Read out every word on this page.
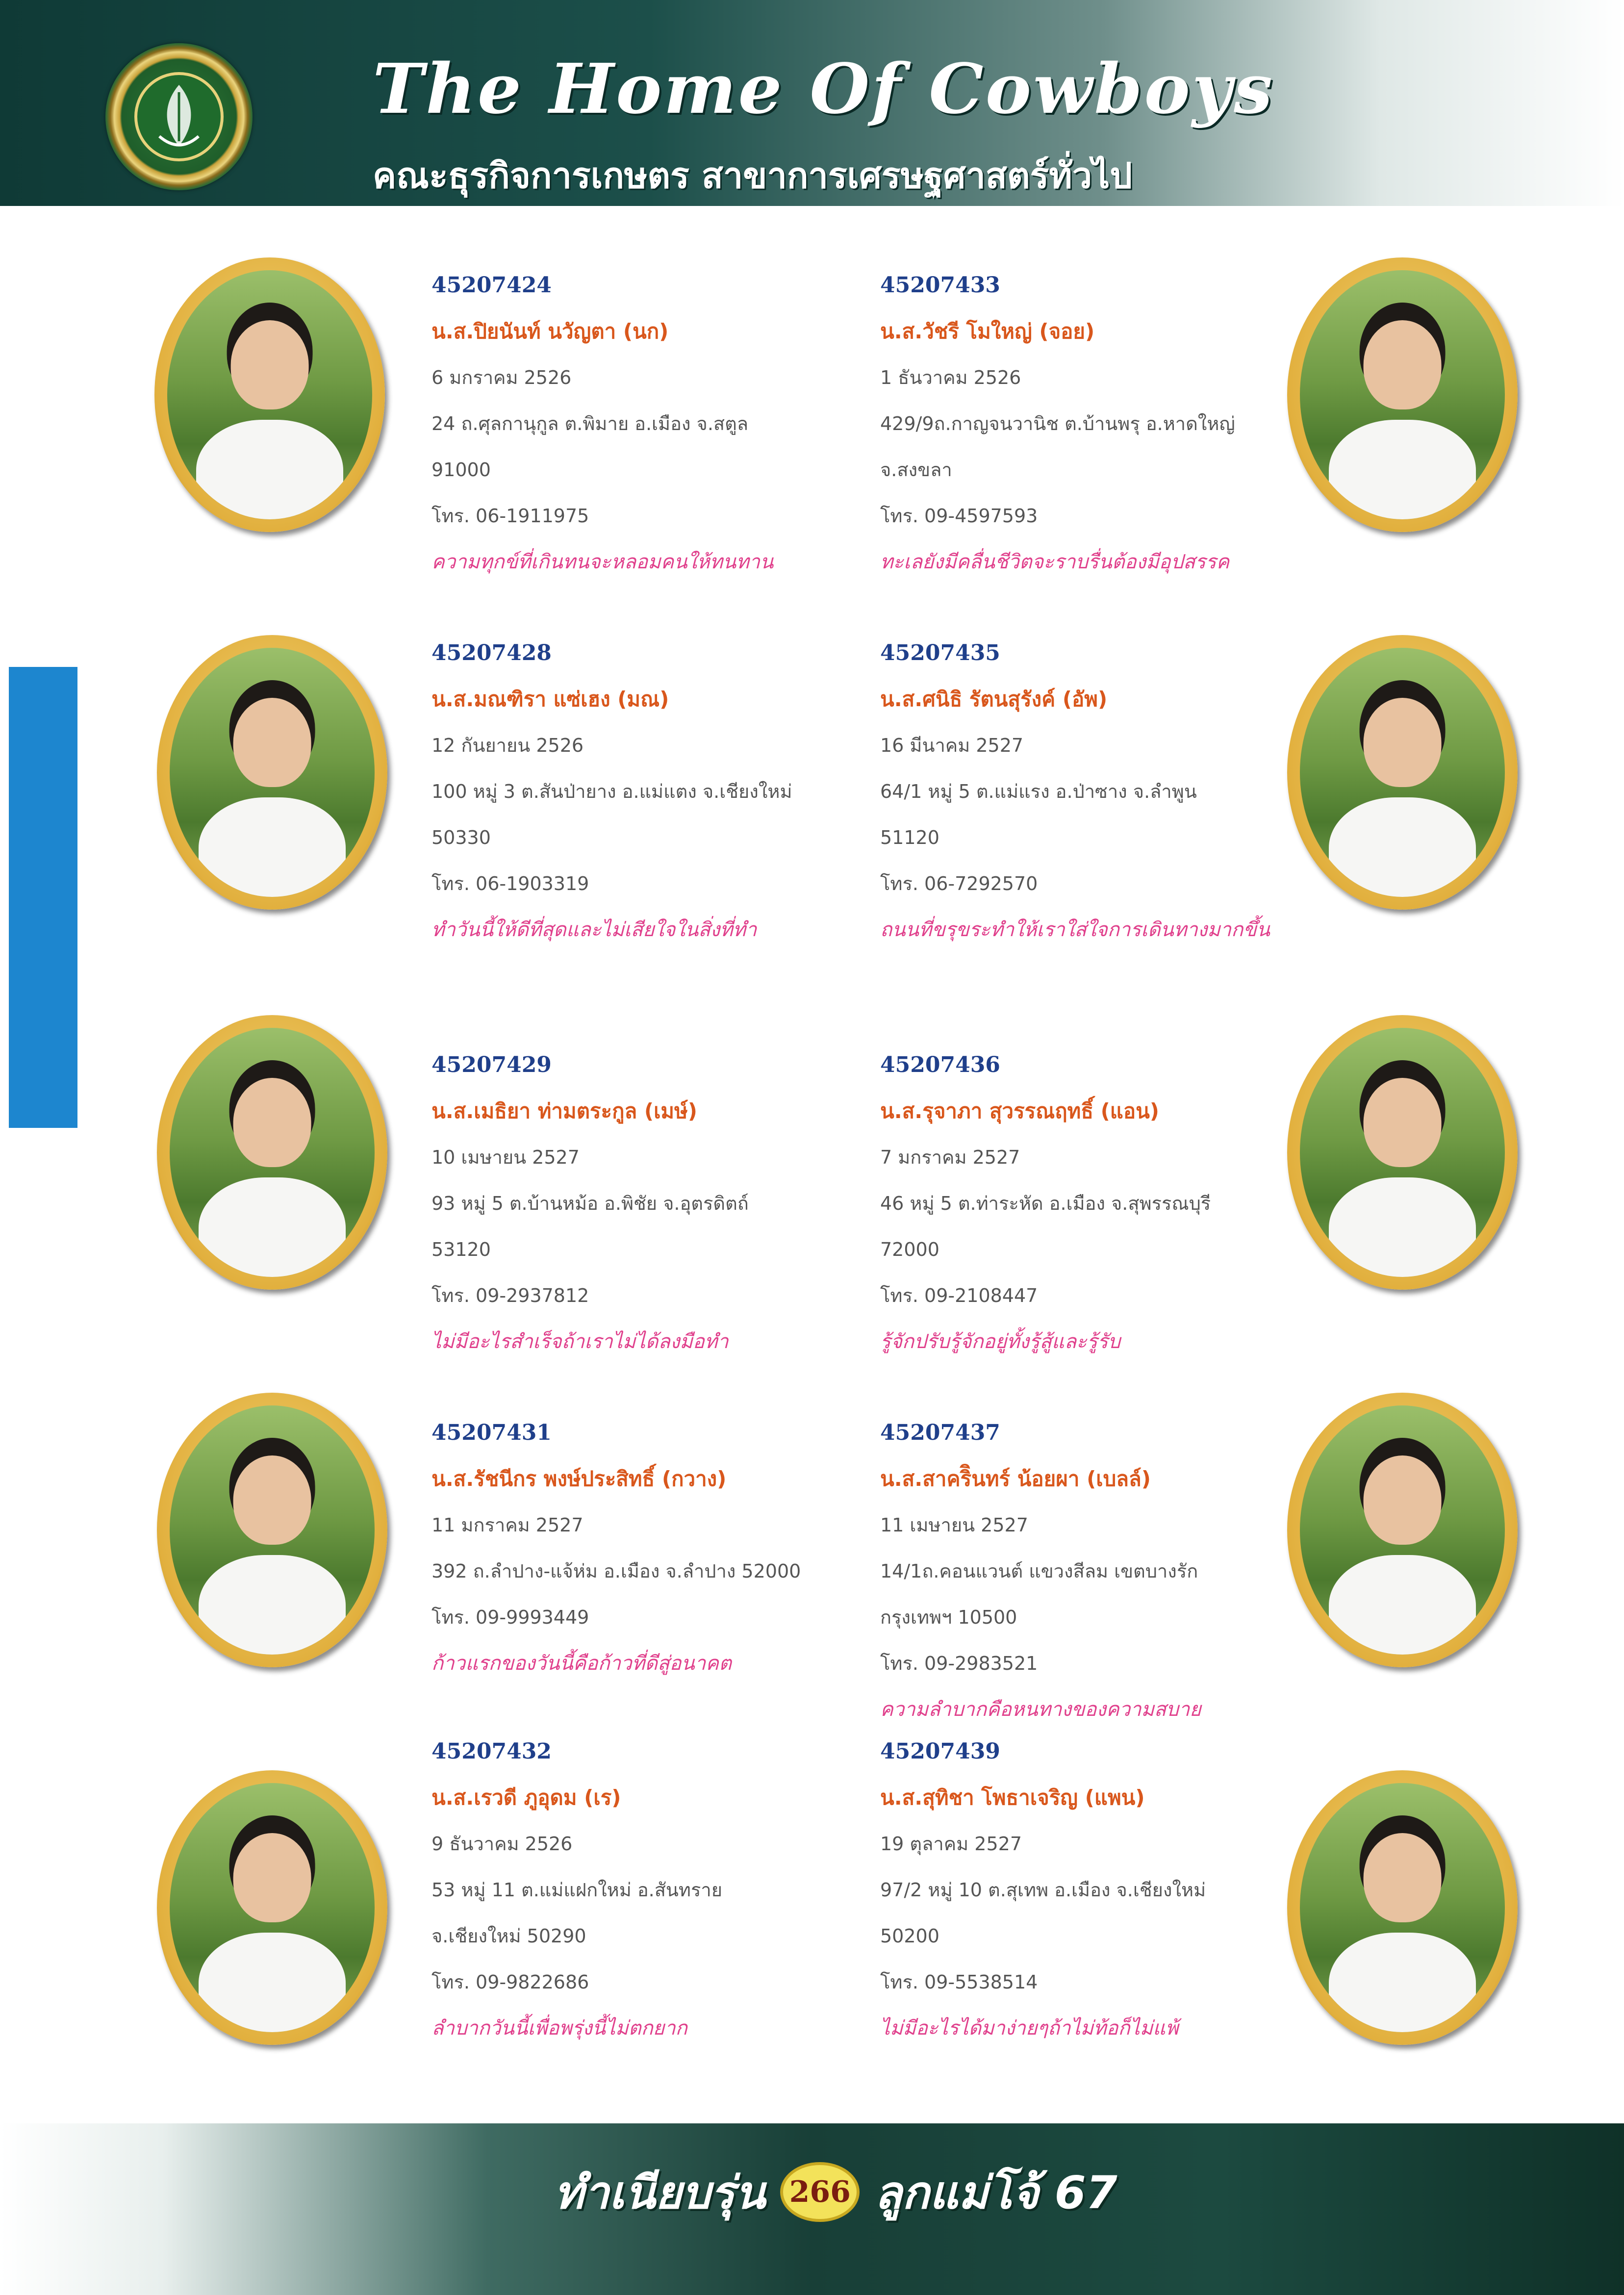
The Home Of Cowboys
คณะธุรกิจการเกษตร สาขาการเศรษฐศาสตร์ทั่วไป
45207424
น.ส.ปิยนันท์ นวัญตา (นก)
6 มกราคม 2526
24 ถ.ศุลกานุกูล ต.พิมาย อ.เมือง จ.สตูล
91000
โทร. 06-1911975
ความทุกข์ที่เกินทนจะหลอมคนให้ทนทาน
45207433
น.ส.วัชรี โมใหญ่ (จอย)
1 ธันวาคม 2526
429/9ถ.กาญจนวานิช ต.บ้านพรุ อ.หาดใหญ่
จ.สงขลา
โทร. 09-4597593
ทะเลยังมีคลื่นชีวิตจะราบรื่นต้องมีอุปสรรค
45207428
น.ส.มณฑิรา แซ่เฮง (มณ)
12 กันยายน 2526
100 หมู่ 3 ต.สันป่ายาง อ.แม่แตง จ.เชียงใหม่
50330
โทร. 06-1903319
ทำวันนี้ให้ดีที่สุดและไม่เสียใจในสิ่งที่ทำ
45207435
น.ส.ศนิธิ รัตนสุรังค์ (อัพ)
16 มีนาคม 2527
64/1 หมู่ 5 ต.แม่แรง อ.ป่าซาง จ.ลำพูน
51120
โทร. 06-7292570
ถนนที่ขรุขระทำให้เราใส่ใจการเดินทางมากขึ้น
45207429
น.ส.เมธิยา ท่ามตระกูล (เมษ์)
10 เมษายน 2527
93 หมู่ 5 ต.บ้านหม้อ อ.พิชัย จ.อุตรดิตถ์
53120
โทร. 09-2937812
ไม่มีอะไรสำเร็จถ้าเราไม่ได้ลงมือทำ
45207436
น.ส.รุจาภา สุวรรณฤทธิ์ (แอน)
7 มกราคม 2527
46 หมู่ 5 ต.ท่าระหัด อ.เมือง จ.สุพรรณบุรี
72000
โทร. 09-2108447
รู้จักปรับรู้จักอยู่ทั้งรู้สู้และรู้รับ
45207431
น.ส.รัชนีกร พงษ์ประสิทธิ์ (กวาง)
11 มกราคม 2527
392 ถ.ลำปาง-แจ้ห่ม อ.เมือง จ.ลำปาง 52000
โทร. 09-9993449
ก้าวแรกของวันนี้คือก้าวที่ดีสู่อนาคต
45207437
น.ส.สาคริินทร์ น้อยผา (เบลล์)
11 เมษายน 2527
14/1ถ.คอนแวนต์ แขวงสีลม เขตบางรัก
กรุงเทพฯ 10500
โทร. 09-2983521
ความลำบากคือหนทางของความสบาย
45207432
น.ส.เรวดี ภูอุดม (เร)
9 ธันวาคม 2526
53 หมู่ 11 ต.แม่แฝกใหม่ อ.สันทราย
จ.เชียงใหม่ 50290
โทร. 09-9822686
ลำบากวันนี้เพื่อพรุ่งนี้ไม่ตกยาก
45207439
น.ส.สุทิชา โพธาเจริญ (แพน)
19 ตุลาคม 2527
97/2 หมู่ 10 ต.สุเทพ อ.เมือง จ.เชียงใหม่
50200
โทร. 09-5538514
ไม่มีอะไรได้มาง่ายๆถ้าไม่ท้อก็ไม่แพ้
ทำเนียบรุ่น 266 ลูกแม่โจ้ 67
